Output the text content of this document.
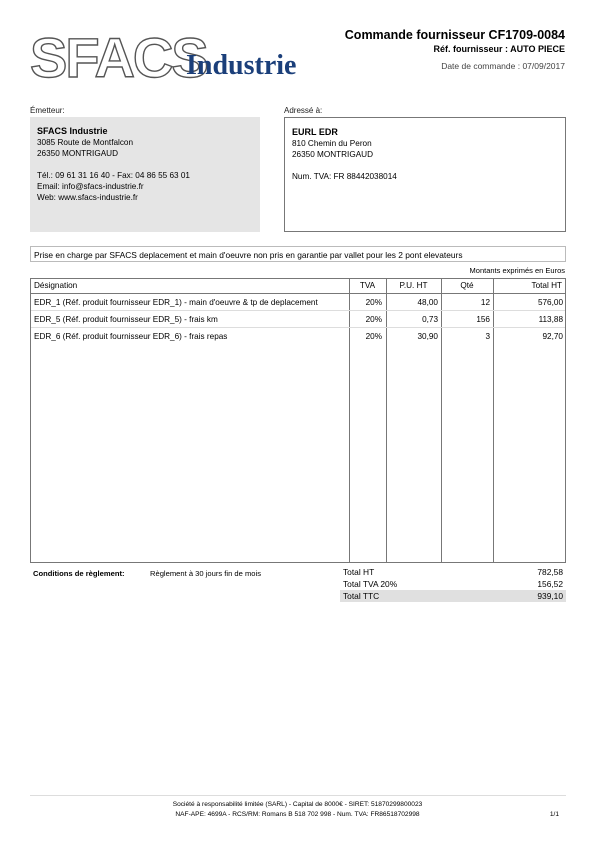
SFACS
Industrie
Commande fournisseur CF1709-0084
Réf. fournisseur : AUTO PIECE
Date de commande : 07/09/2017
Émetteur:
SFACS Industrie
3085 Route de Montfalcon
26350 MONTRIGAUD
Tél.: 09 61 31 16 40 - Fax: 04 86 55 63 01
Email: info@sfacs-industrie.fr
Web: www.sfacs-industrie.fr
Adressé à:
EURL EDR
810 Chemin du Peron
26350 MONTRIGAUD
Num. TVA: FR 88442038014
Prise en charge par SFACS deplacement et main d'oeuvre non pris en garantie par vallet pour les 2 pont elevateurs
Montants exprimés en Euros
Désignation	TVA	P.U. HT	Qté	Total HT
EDR_1 (Réf. produit fournisseur EDR_1) - main d'oeuvre & tp de deplacement	20%	48,00	12	576,00
EDR_5 (Réf. produit fournisseur EDR_5) - frais km	20%	0,73	156	113,88
EDR_6 (Réf. produit fournisseur EDR_6) - frais repas	20%	30,90	3	92,70
Conditions de règlement:	Règlement à 30 jours fin de mois	Total HT	782,58
Total TVA 20%	156,52
Total TTC	939,10
Société à responsabilité limitée (SARL) - Capital de 8000€ - SIRET: 51870299800023
NAF-APE: 4699A - RCS/RM: Romans B 518 702 998 - Num. TVA: FR86518702998	1/1
